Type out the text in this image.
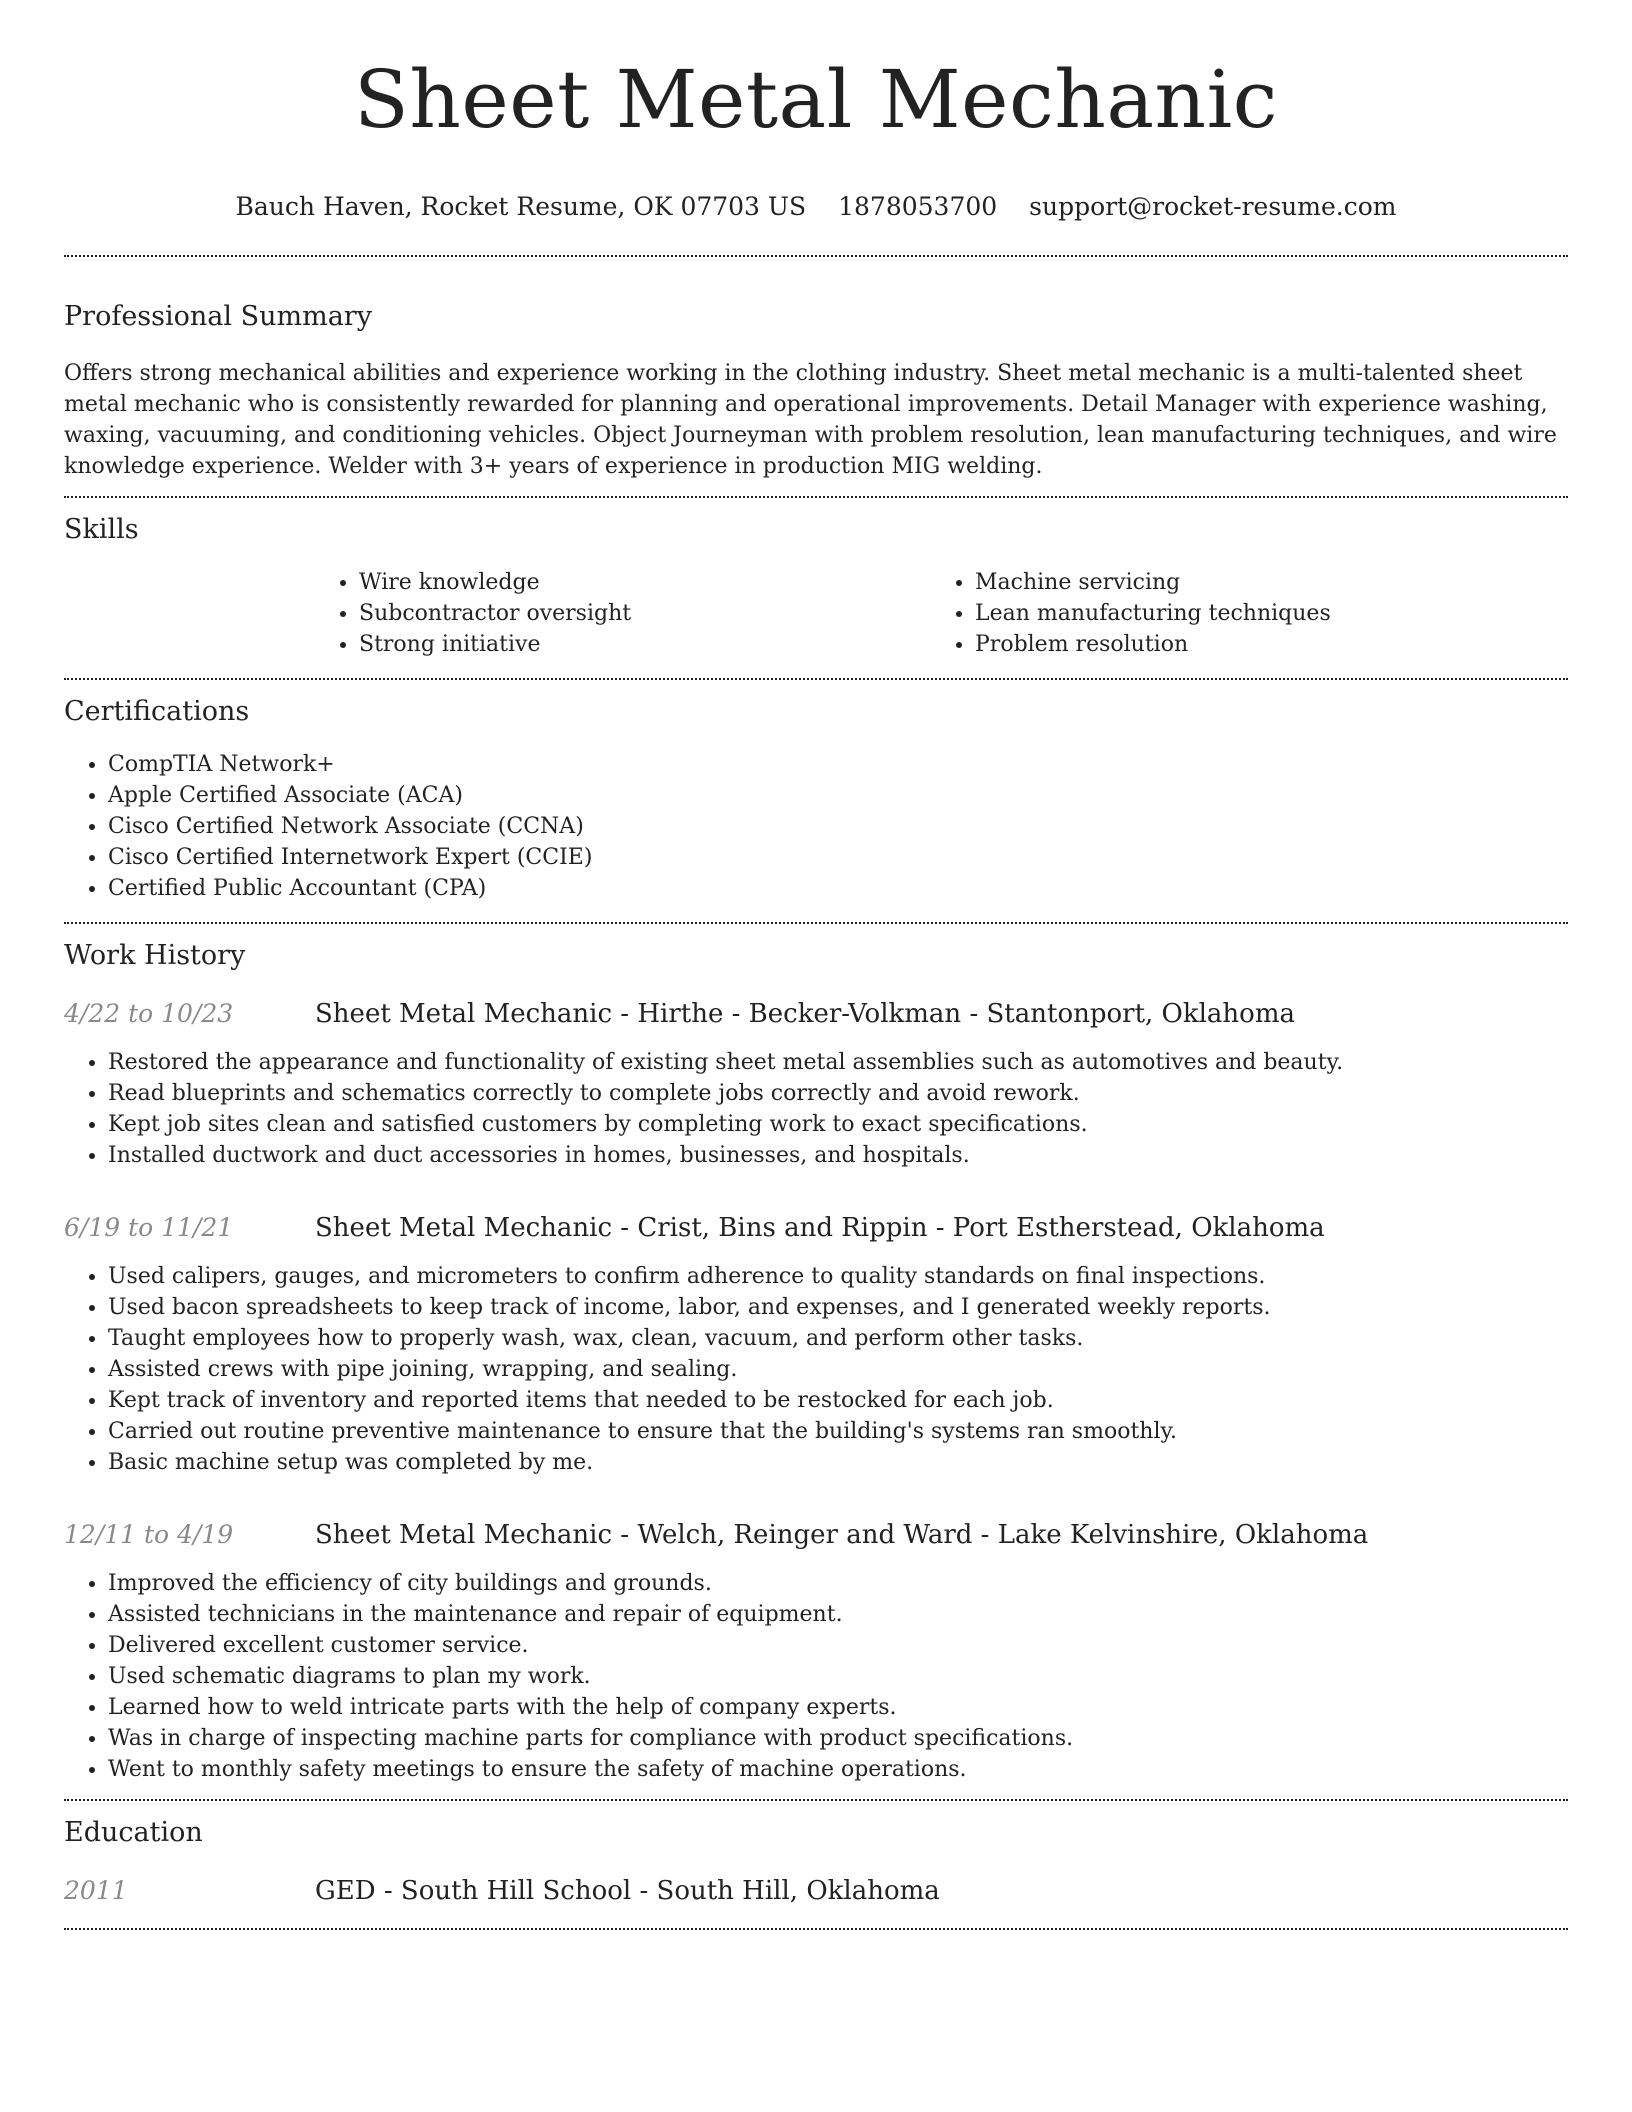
Sheet Metal Mechanic
Bauch Haven, Rocket Resume, OK 07703 US 1878053700 support@rocket-resume.com
Professional Summary

Offers strong mechanical abilities and experience working in the clothing industry. Sheet metal mechanic is a multi-talented sheet metal mechanic who is consistently rewarded for planning and operational improvements. Detail Manager with experience washing, waxing, vacuuming, and conditioning vehicles. Object Journeyman with problem resolution, lean manufacturing techniques, and wire knowledge experience. Welder with 3+ years of experience in production MIG welding.

Skills
• Wire knowledge
• Subcontractor oversight
• Strong initiative
• Machine servicing
• Lean manufacturing techniques
• Problem resolution
Certifications
• CompTIA Network+
• Apple Certified Associate (ACA)
• Cisco Certified Network Associate (CCNA)
• Cisco Certified Internetwork Expert (CCIE)
• Certified Public Accountant (CPA)
Work History
4/22 to 10/23	Sheet Metal Mechanic - Hirthe - Becker-Volkman - Stantonport, Oklahoma
• Restored the appearance and functionality of existing sheet metal assemblies such as automotives and beauty.
• Read blueprints and schematics correctly to complete jobs correctly and avoid rework.
• Kept job sites clean and satisfied customers by completing work to exact specifications.
• Installed ductwork and duct accessories in homes, businesses, and hospitals.
6/19 to 11/21	Sheet Metal Mechanic - Crist, Bins and Rippin - Port Estherstead, Oklahoma
• Used calipers, gauges, and micrometers to confirm adherence to quality standards on final inspections.
• Used bacon spreadsheets to keep track of income, labor, and expenses, and I generated weekly reports.
• Taught employees how to properly wash, wax, clean, vacuum, and perform other tasks.
• Assisted crews with pipe joining, wrapping, and sealing.
• Kept track of inventory and reported items that needed to be restocked for each job.
• Carried out routine preventive maintenance to ensure that the building's systems ran smoothly.
• Basic machine setup was completed by me.
12/11 to 4/19	Sheet Metal Mechanic - Welch, Reinger and Ward - Lake Kelvinshire, Oklahoma
• Improved the efficiency of city buildings and grounds.
• Assisted technicians in the maintenance and repair of equipment.
• Delivered excellent customer service.
• Used schematic diagrams to plan my work.
• Learned how to weld intricate parts with the help of company experts.
• Was in charge of inspecting machine parts for compliance with product specifications.
• Went to monthly safety meetings to ensure the safety of machine operations.
Education
2011	GED - South Hill School - South Hill, Oklahoma
